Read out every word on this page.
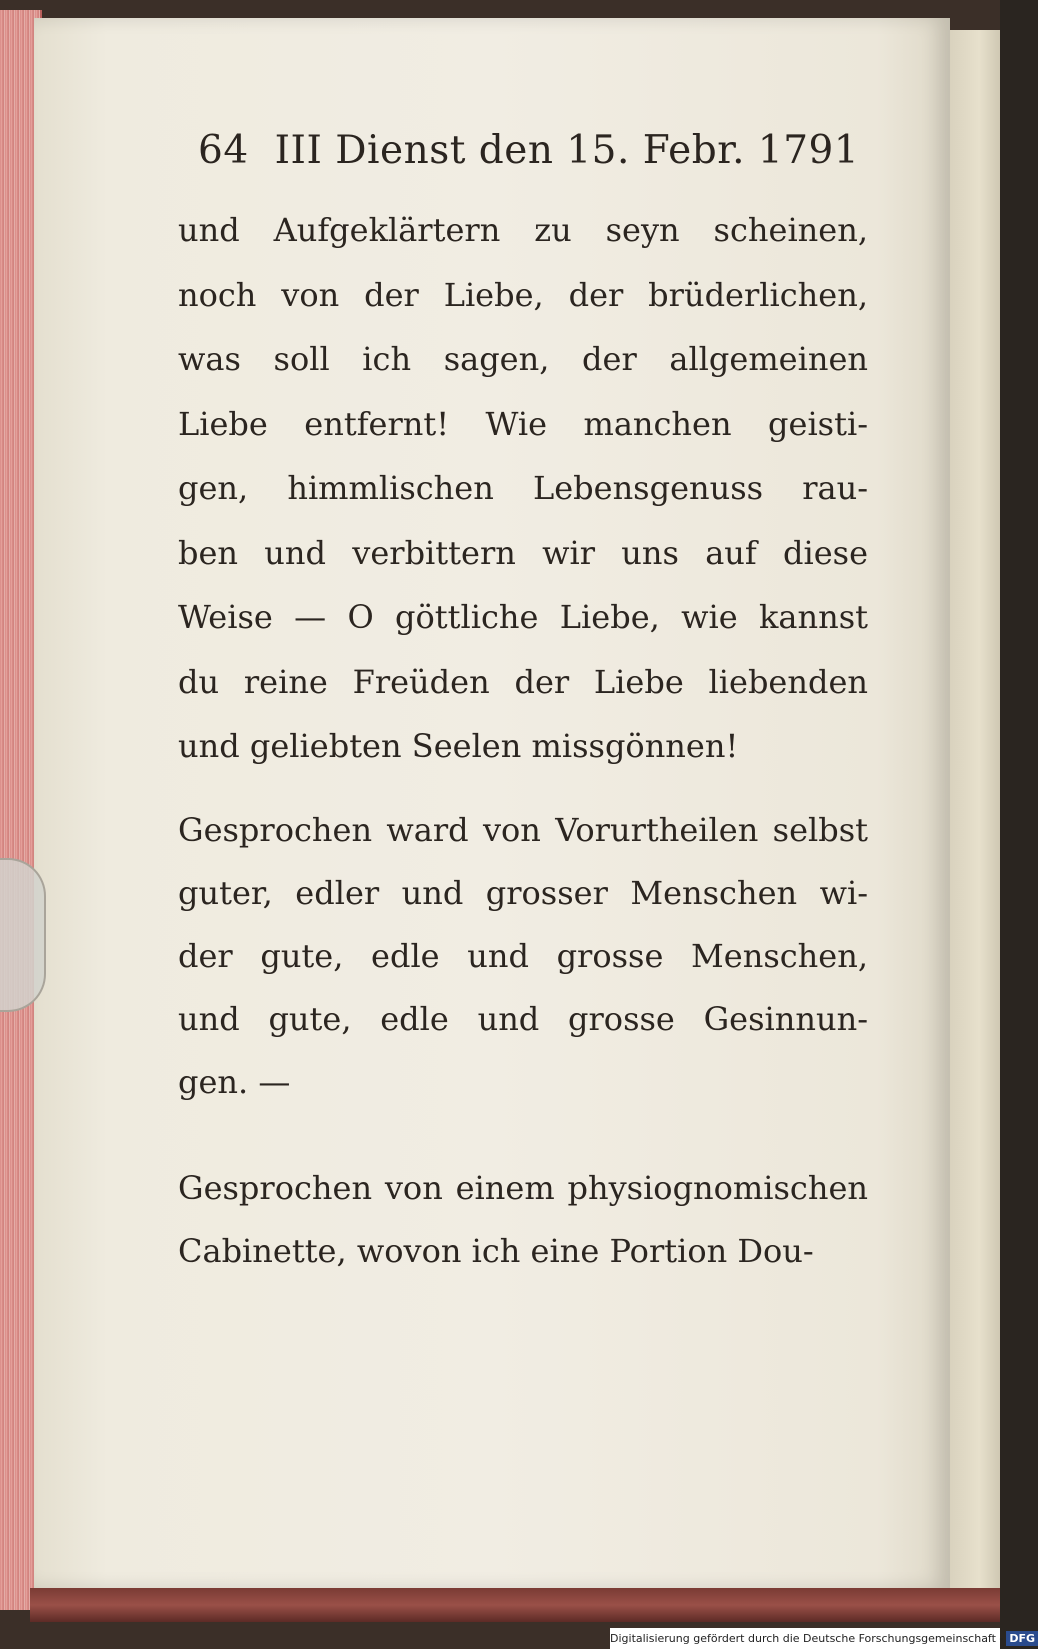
64 III Dienst den 15. Febr. 1791
und Aufgeklärtern zu seyn scheinen,
noch von der Liebe, der brüderlichen,
was soll ich sagen, der allgemeinen
Liebe entfernt! Wie manchen geisti-
gen, himmlischen Lebensgenuss rau-
ben und verbittern wir uns auf diese
Weise — O göttliche Liebe, wie kannst
du reine Freüden der Liebe liebenden
und geliebten Seelen missgönnen!
Gesprochen ward von Vorurtheilen selbst
guter, edler und grosser Menschen wi-
der gute, edle und grosse Menschen,
und gute, edle und grosse Gesinnun-
gen. —
Gesprochen von einem physiognomischen
Cabinette, wovon ich eine Portion Dou-
Digitalisierung gefördert durch die Deutsche Forschungsgemeinschaft - DFG
